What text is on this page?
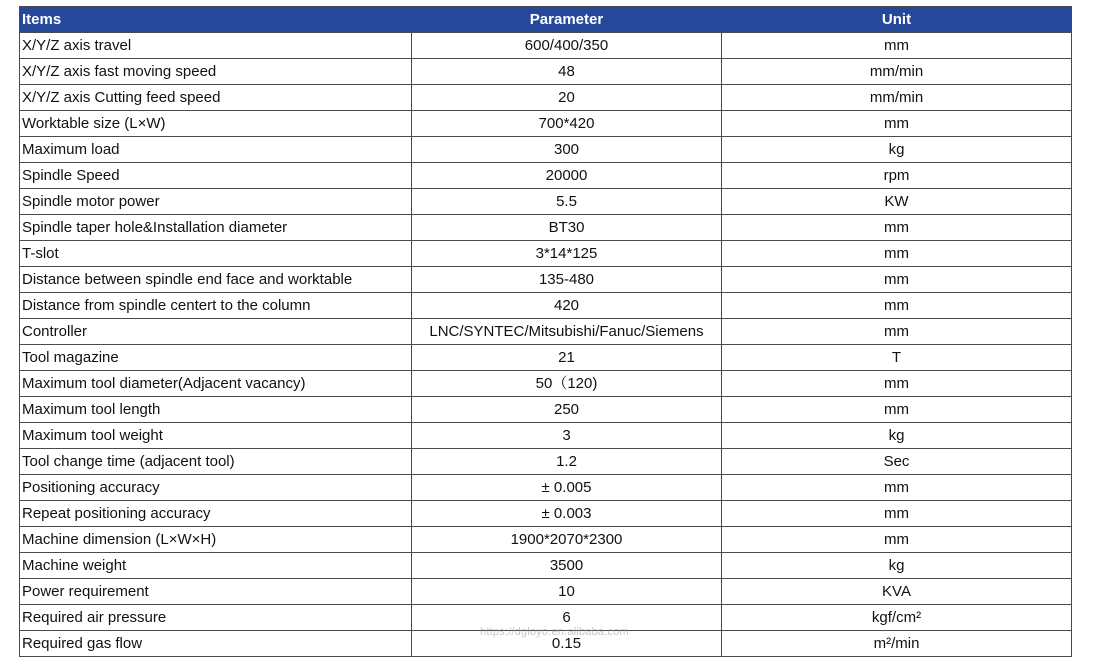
Items	Parameter	Unit
X/Y/Z axis travel	600/400/350	mm
X/Y/Z axis fast moving speed	48	mm/min
X/Y/Z axis Cutting feed speed	20	mm/min
Worktable size (L×W)	700*420	mm
Maximum load	300	kg
Spindle Speed	20000	rpm
Spindle motor power	5.5	KW
Spindle taper hole&Installation diameter	BT30	mm
T-slot	3*14*125	mm
Distance between spindle end face and worktable	135-480	mm
Distance from spindle centert to the column	420	mm
Controller	LNC/SYNTEC/Mitsubishi/Fanuc/Siemens	mm
Tool magazine	21	T
Maximum tool diameter(Adjacent vacancy)	50（120)	mm
Maximum tool length	250	mm
Maximum tool weight	3	kg
Tool change time (adjacent tool)	1.2	Sec
Positioning accuracy	± 0.005	mm
Repeat positioning accuracy	± 0.003	mm
Machine dimension (L×W×H)	1900*2070*2300	mm
Machine weight	3500	kg
Power requirement	10	KVA
Required air pressure	6	kgf/cm²
Required gas flow	0.15	m²/min
https://dgloyo.en.alibaba.com
